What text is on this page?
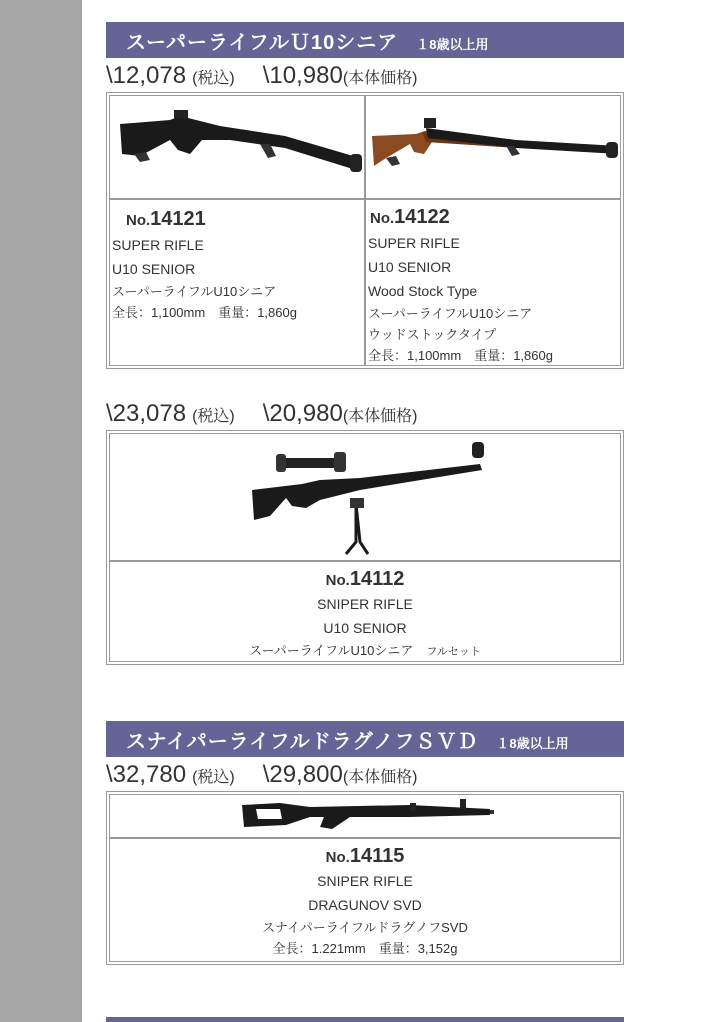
スーパーライフルＵ10シニア １8歳以上用
\12,078 (税込) \10,980(本体価格)
No.14121
SUPER RIFLE
U10 SENIOR
スーパーライフルU10シニア
全長：1,100mm　重量：1,860g
No.14122
SUPER RIFLE
U10 SENIOR
Wood Stock Type
スーパーライフルU10シニア
ウッドストックタイプ
全長：1,100mm　重量：1,860g
\23,078 (税込) \20,980(本体価格)
No.14112
SNIPER RIFLE
U10 SENIOR
スーパーライフルU10シニア　 フルセット
スナイパーライフルドラグノフＳＶＤ １8歳以上用
\32,780 (税込) \29,800(本体価格)
No.14115
SNIPER RIFLE
DRAGUNOV SVD
スナイパーライフルドラグノフSVD
全長：1.221mm　重量：3,152g
